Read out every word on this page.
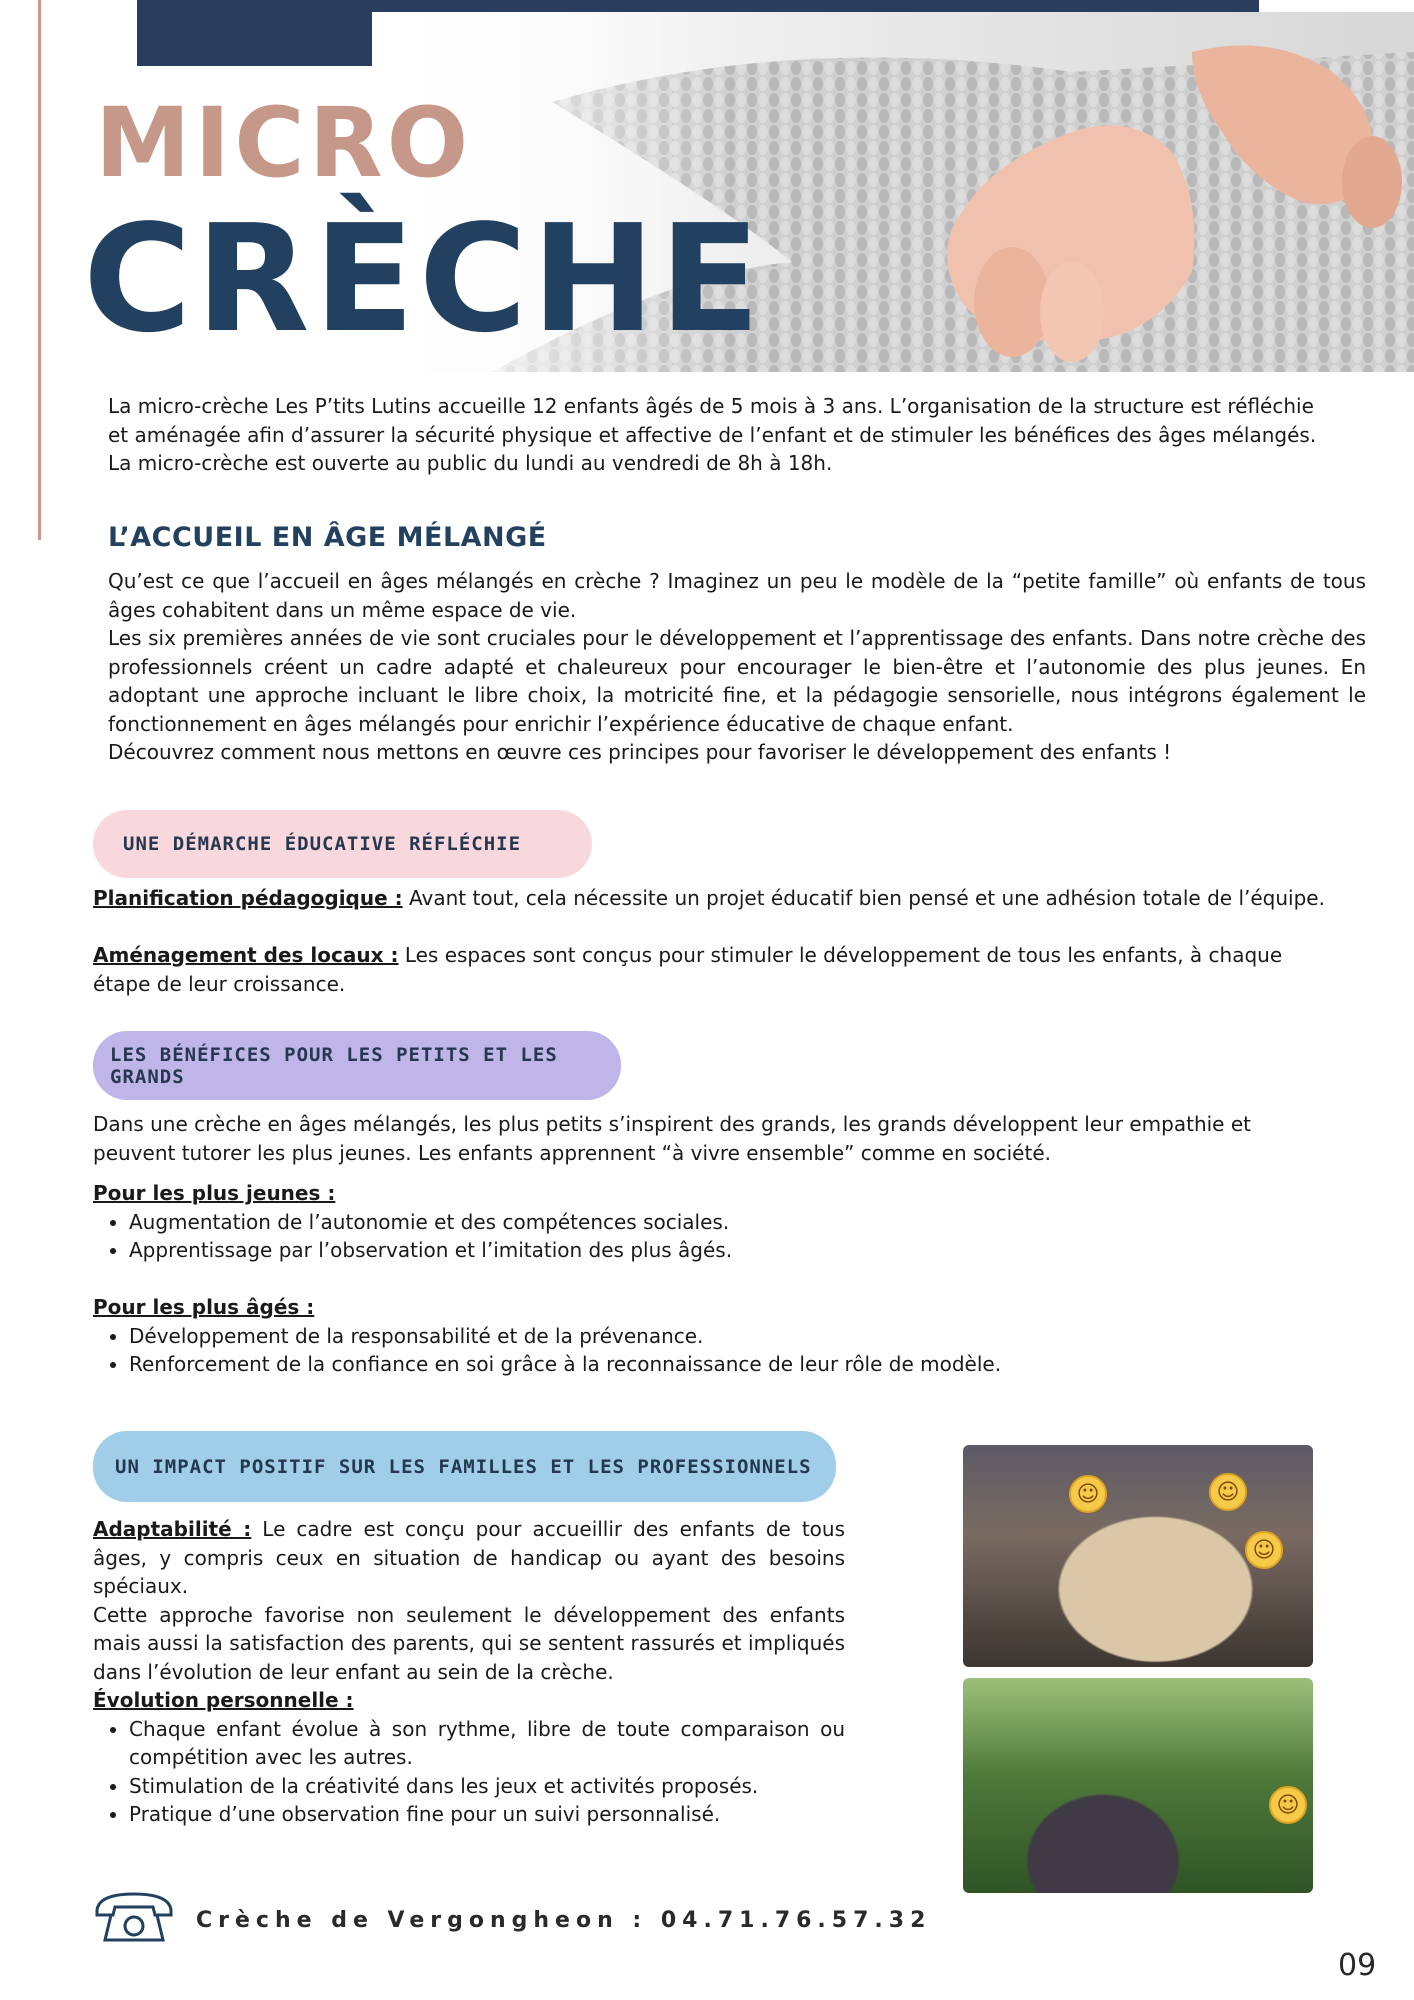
MICRO
CRÈCHE

La micro-crèche Les P’tits Lutins accueille 12 enfants âgés de 5 mois à 3 ans. L’organisation de la structure est réfléchie

et aménagée afin d’assurer la sécurité physique et affective de l’enfant et de stimuler les bénéfices des âges mélangés.

La micro-crèche est ouverte au public du lundi au vendredi de 8h à 18h.

L’ACCUEIL EN ÂGE MÉLANGÉ

Qu’est ce que l’accueil en âges mélangés en crèche ? Imaginez un peu le modèle de la “petite famille” où enfants de tous âges cohabitent dans un même espace de vie.

Les six premières années de vie sont cruciales pour le développement et l’apprentissage des enfants. Dans notre crèche des professionnels créent un cadre adapté et chaleureux pour encourager le bien-être et l’autonomie des plus jeunes. En adoptant une approche incluant le libre choix, la motricité fine, et la pédagogie sensorielle, nous intégrons également le fonctionnement en âges mélangés pour enrichir l’expérience éducative de chaque enfant.

Découvrez comment nous mettons en œuvre ces principes pour favoriser le développement des enfants !

UNE DÉMARCHE ÉDUCATIVE RÉFLÉCHIE

Planification pédagogique : Avant tout, cela nécessite un projet éducatif bien pensé et une adhésion totale de l’équipe.

Aménagement des locaux : Les espaces sont conçus pour stimuler le développement de tous les enfants, à chaque étape de leur croissance.

LES BÉNÉFICES POUR LES PETITS ET LES GRANDS

Dans une crèche en âges mélangés, les plus petits s’inspirent des grands, les grands développent leur empathie et peuvent tutorer les plus jeunes. Les enfants apprennent “à vivre ensemble” comme en société.

Pour les plus jeunes :

• Augmentation de l’autonomie et des compétences sociales.
• Apprentissage par l’observation et l’imitation des plus âgés.

Pour les plus âgés :

• Développement de la responsabilité et de la prévenance.
• Renforcement de la confiance en soi grâce à la reconnaissance de leur rôle de modèle.
UN IMPACT POSITIF SUR LES FAMILLES ET LES PROFESSIONNELS

Adaptabilité : Le cadre est conçu pour accueillir des enfants de tous âges, y compris ceux en situation de handicap ou ayant des besoins spéciaux.

Cette approche favorise non seulement le développement des enfants mais aussi la satisfaction des parents, qui se sentent rassurés et impliqués dans l’évolution de leur enfant au sein de la crèche.

Évolution personnelle :

• Chaque enfant évolue à son rythme, libre de toute comparaison ou compétition avec les autres.
• Stimulation de la créativité dans les jeux et activités proposés.
• Pratique d’une observation fine pour un suivi personnalisé.
☺	☺
☺
☺
Crèche de Vergongheon : 04.71.76.57.32
09
